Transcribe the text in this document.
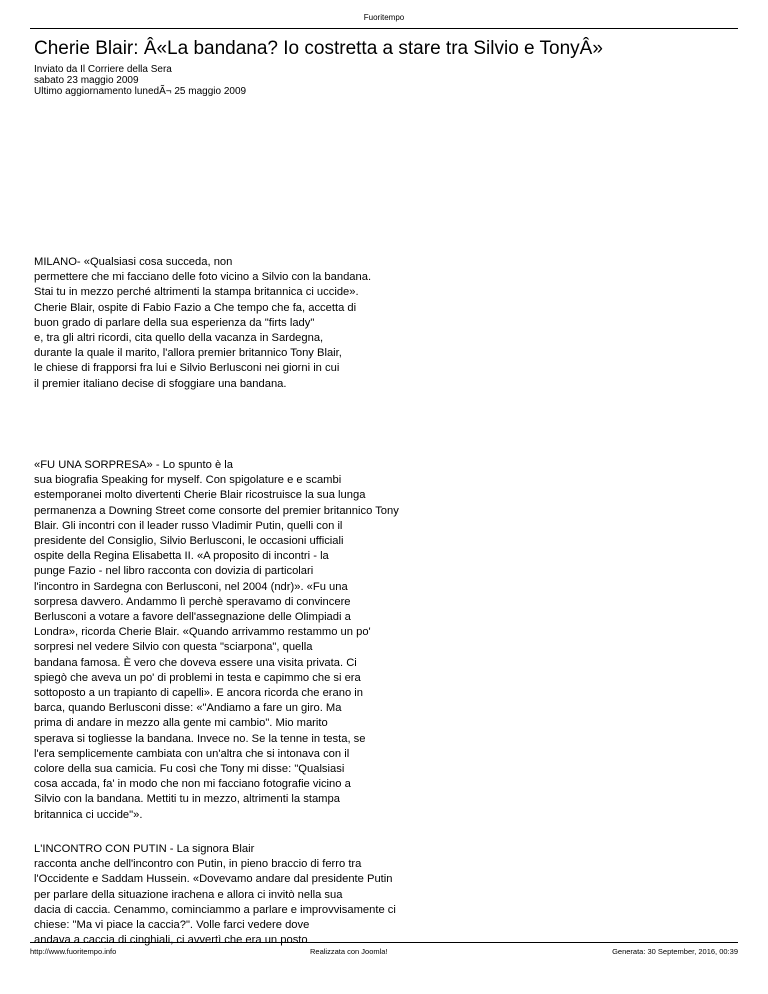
Fuoritempo
Cherie Blair: Â«La bandana? Io costretta a stare tra Silvio e TonyÂ»
Inviato da Il Corriere della Sera
sabato 23 maggio 2009
Ultimo aggiornamento lunedÃ¬ 25 maggio 2009

MILANO- «Qualsiasi cosa succeda, non
permettere che mi facciano delle foto vicino a Silvio con la bandana.
Stai tu in mezzo perché altrimenti la stampa britannica ci uccide».
Cherie Blair, ospite di Fabio Fazio a Che tempo che fa, accetta di
buon grado di parlare della sua esperienza da "firts lady"
e, tra gli altri ricordi, cita quello della vacanza in Sardegna,
durante la quale il marito, l'allora premier britannico Tony Blair,
le chiese di frapporsi fra lui e Silvio Berlusconi nei giorni in cui
il premier italiano decise di sfoggiare una bandana.

«FU UNA SORPRESA» - Lo spunto è la
sua biografia Speaking for myself. Con spigolature e e scambi
estemporanei molto divertenti Cherie Blair ricostruisce la sua lunga
permanenza a Downing Street come consorte del premier britannico Tony
Blair. Gli incontri con il leader russo Vladimir Putin, quelli con il
presidente del Consiglio, Silvio Berlusconi, le occasioni ufficiali
ospite della Regina Elisabetta II. «A proposito di incontri - la
punge Fazio - nel libro racconta con dovizia di particolari
l'incontro in Sardegna con Berlusconi, nel 2004 (ndr)». «Fu una
sorpresa davvero. Andammo lì perchè speravamo di convincere
Berlusconi a votare a favore dell'assegnazione delle Olimpiadi a
Londra», ricorda Cherie Blair. «Quando arrivammo restammo un po'
sorpresi nel vedere Silvio con questa "sciarpona", quella
bandana famosa. È vero che doveva essere una visita privata. Ci
spiegò che aveva un po' di problemi in testa e capimmo che si era
sottoposto a un trapianto di capelli». E ancora ricorda che erano in
barca, quando Berlusconi disse: «"Andiamo a fare un giro. Ma
prima di andare in mezzo alla gente mi cambio". Mio marito
sperava si togliesse la bandana. Invece no. Se la tenne in testa, se
l'era semplicemente cambiata con un'altra che si intonava con il
colore della sua camicia. Fu così che Tony mi disse: "Qualsiasi
cosa accada, fa' in modo che non mi facciano fotografie vicino a
Silvio con la bandana. Mettiti tu in mezzo, altrimenti la stampa
britannica ci uccide"».

L'INCONTRO CON PUTIN - La signora Blair
racconta anche dell'incontro con Putin, in pieno braccio di ferro tra
l'Occidente e Saddam Hussein. «Dovevamo andare dal presidente Putin
per parlare della situazione irachena e allora ci invitò nella sua
dacia di caccia. Cenammo, cominciammo a parlare e improvvisamente ci
chiese: "Ma vi piace la caccia?". Volle farci vedere dove
andava a caccia di cinghiali, ci avvertì che era un posto

http://www.fuoritempo.info	Realizzata con Joomla!	Generata: 30 September, 2016, 00:39
